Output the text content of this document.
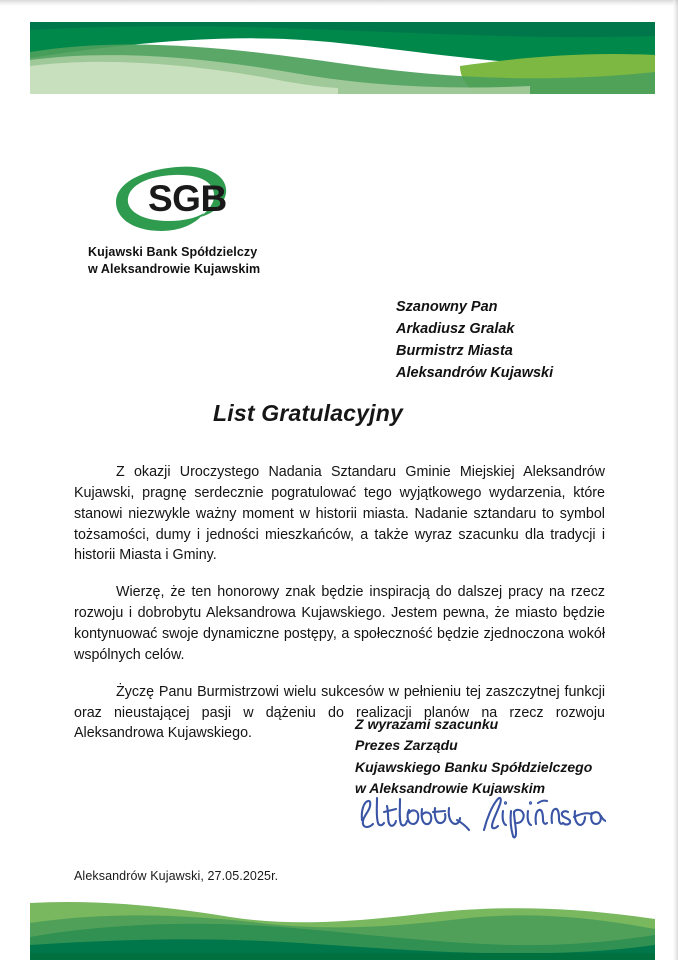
SGB
Kujawski Bank Spółdzielczy
w Aleksandrowie Kujawskim
Szanowny Pan
Arkadiusz Gralak
Burmistrz Miasta
Aleksandrów Kujawski
List Gratulacyjny

Z okazji Uroczystego Nadania Sztandaru Gminie Miejskiej Aleksandrów Kujawski, pragnę serdecznie pogratulować tego wyjątkowego wydarzenia, które stanowi niezwykle ważny moment w historii miasta. Nadanie sztandaru to symbol tożsamości, dumy i jedności mieszkańców, a także wyraz szacunku dla tradycji i historii Miasta i Gminy.

Wierzę, że ten honorowy znak będzie inspiracją do dalszej pracy na rzecz rozwoju i dobrobytu Aleksandrowa Kujawskiego. Jestem pewna, że miasto będzie kontynuować swoje dynamiczne postępy, a społeczność będzie zjednoczona wokół wspólnych celów.

Życzę Panu Burmistrzowi wielu sukcesów w pełnieniu tej zaszczytnej funkcji oraz nieustającej pasji w dążeniu do realizacji planów na rzecz rozwoju Aleksandrowa Kujawskiego.

Z wyrazami szacunku
Prezes Zarządu
Kujawskiego Banku Spółdzielczego
w Aleksandrowie Kujawskim
Aleksandrów Kujawski, 27.05.2025r.
